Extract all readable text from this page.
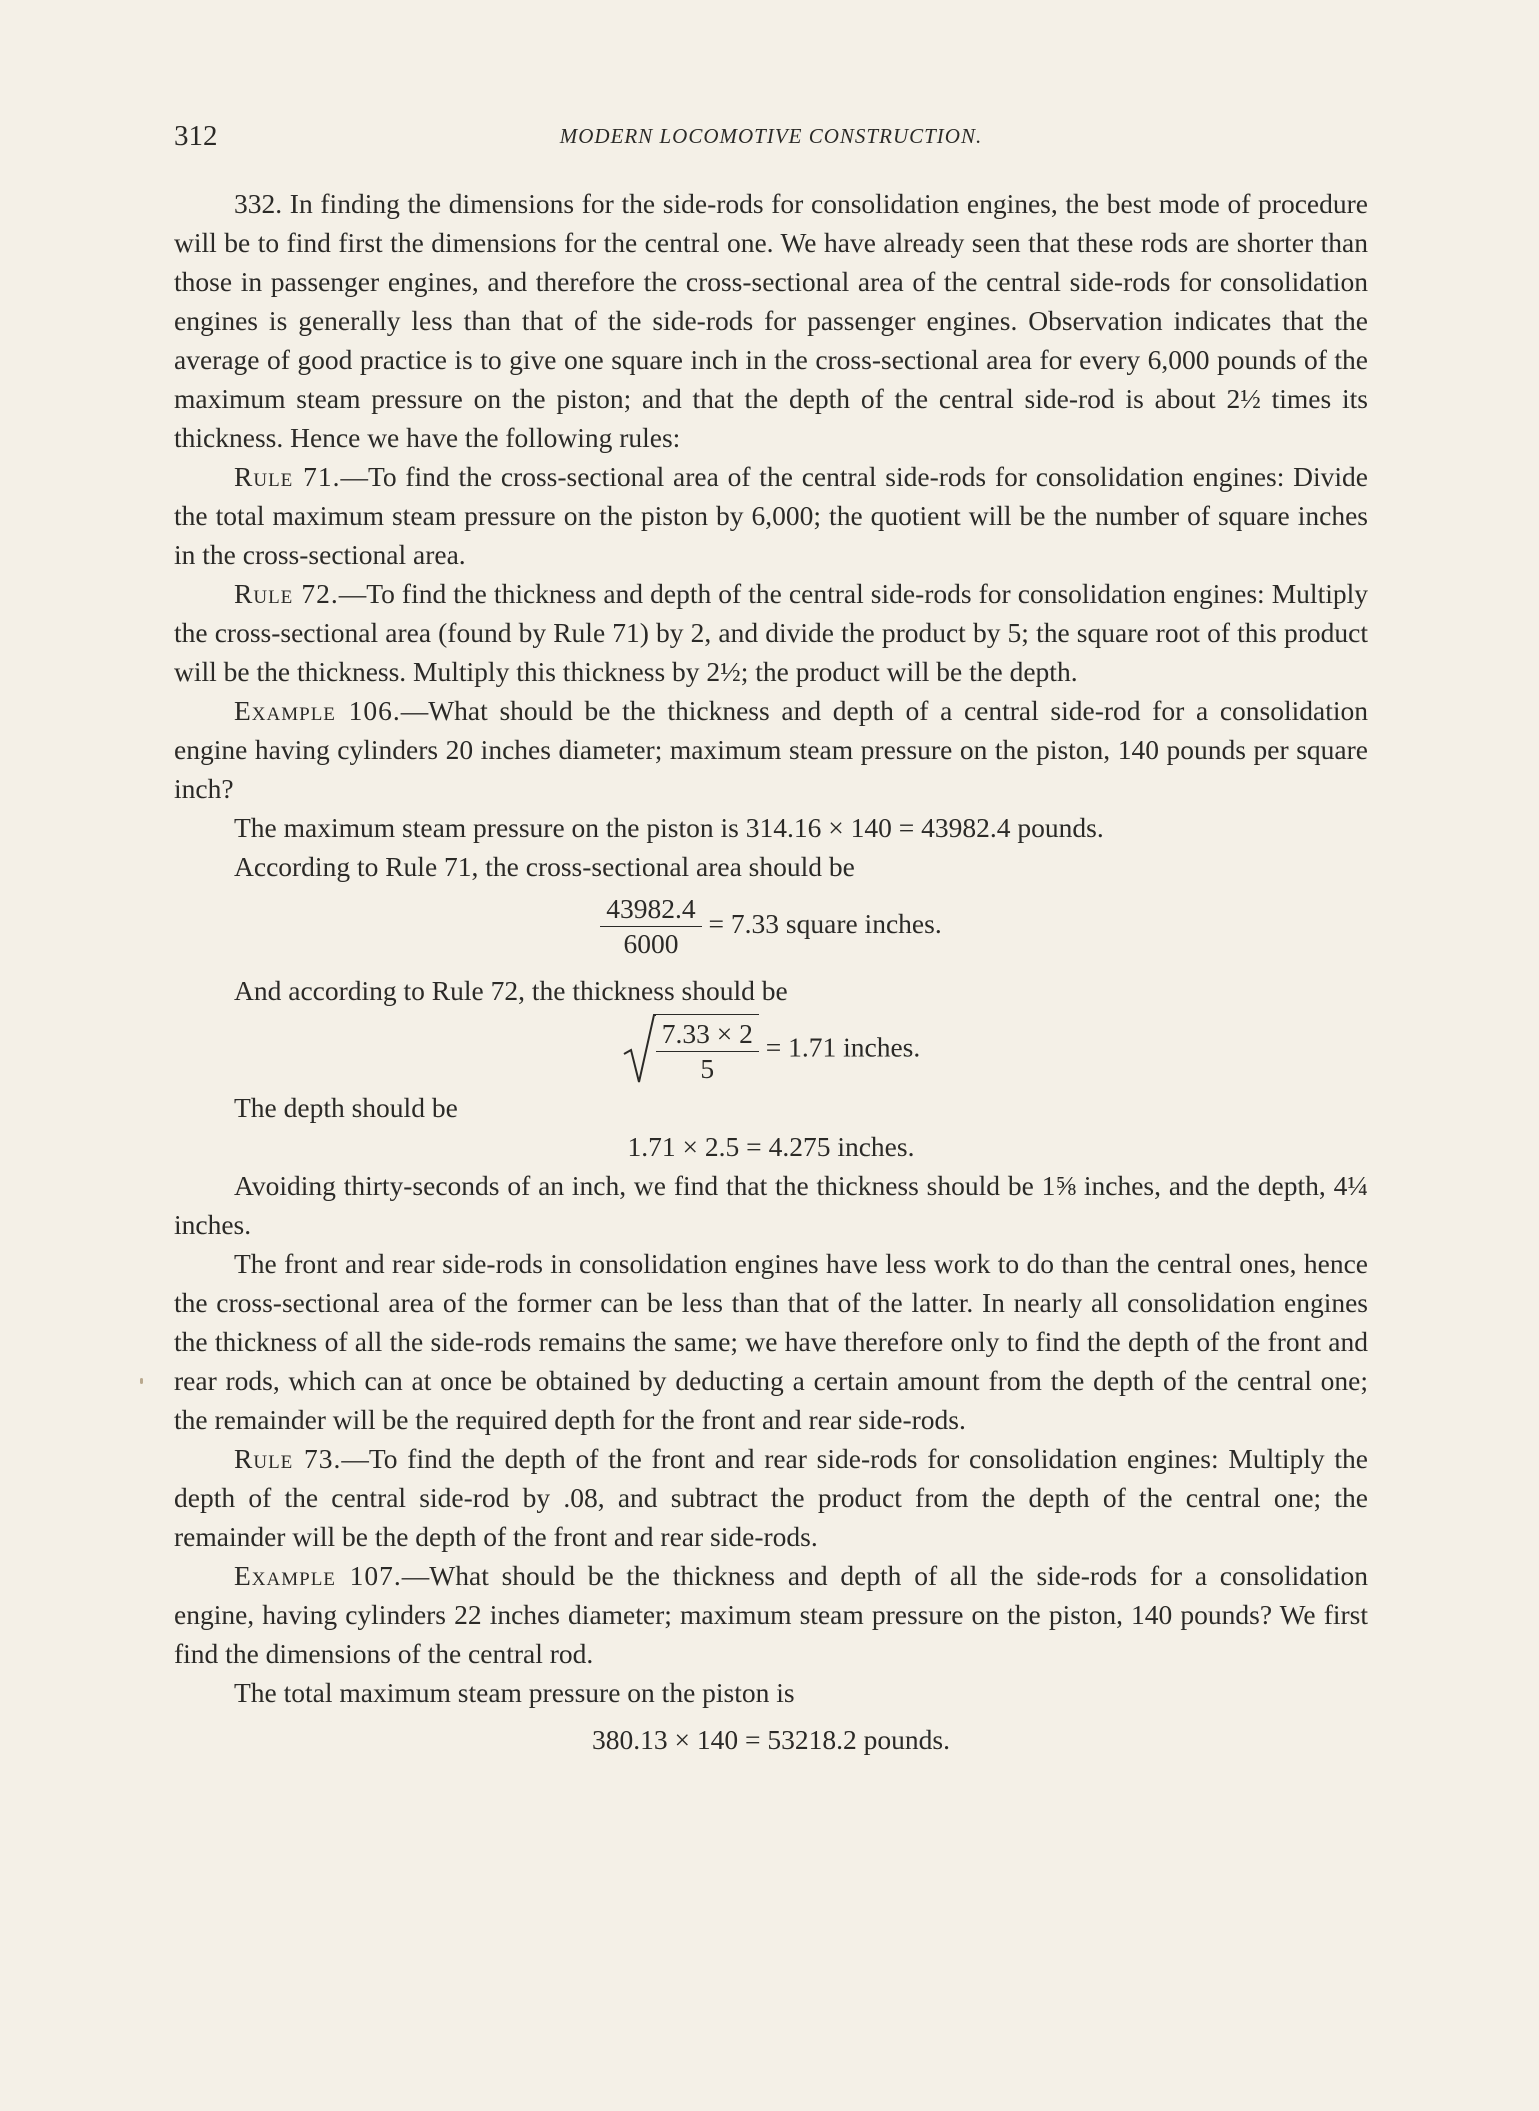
312	MODERN LOCOMOTIVE CONSTRUCTION.

332. In finding the dimensions for the side-rods for consolidation engines, the best mode of procedure will be to find first the dimensions for the central one. We have already seen that these rods are shorter than those in passenger engines, and therefore the cross-sectional area of the central side-rods for consolidation engines is generally less than that of the side-rods for passenger engines. Observation indicates that the average of good practice is to give one square inch in the cross-sectional area for every 6,000 pounds of the maximum steam pressure on the piston; and that the depth of the central side-rod is about 2½ times its thickness. Hence we have the following rules:

Rule 71.—To find the cross-sectional area of the central side-rods for consolidation engines: Divide the total maximum steam pressure on the piston by 6,000; the quotient will be the number of square inches in the cross-sectional area.

Rule 72.—To find the thickness and depth of the central side-rods for consolidation engines: Multiply the cross-sectional area (found by Rule 71) by 2, and divide the product by 5; the square root of this product will be the thickness. Multiply this thickness by 2½; the product will be the depth.

Example 106.—What should be the thickness and depth of a central side-rod for a consolidation engine having cylinders 20 inches diameter; maximum steam pressure on the piston, 140 pounds per square inch?

The maximum steam pressure on the piston is 314.16 × 140 = 43982.4 pounds.

According to Rule 71, the cross-sectional area should be

$\frac{43982.4}{6000} = 7.33$ square inches.

And according to Rule 72, the thickness should be

$\frac{7.33 \times 2}{5} = 1.71$ inches.
The depth should be
1.71 × 2.5 = 4.275 inches.

Avoiding thirty-seconds of an inch, we find that the thickness should be 1⅝ inches, and the depth, 4¼ inches.

The front and rear side-rods in consolidation engines have less work to do than the central ones, hence the cross-sectional area of the former can be less than that of the latter. In nearly all consolidation engines the thickness of all the side-rods remains the same; we have therefore only to find the depth of the front and rear rods, which can at once be obtained by deducting a certain amount from the depth of the central one; the remainder will be the required depth for the front and rear side-rods.

Rule 73.—To find the depth of the front and rear side-rods for consolidation engines: Multiply the depth of the central side-rod by .08, and subtract the product from the depth of the central one; the remainder will be the depth of the front and rear side-rods.

Example 107.—What should be the thickness and depth of all the side-rods for a consolidation engine, having cylinders 22 inches diameter; maximum steam pressure on the piston, 140 pounds? We first find the dimensions of the central rod.

The total maximum steam pressure on the piston is

380.13 × 140 = 53218.2 pounds.
